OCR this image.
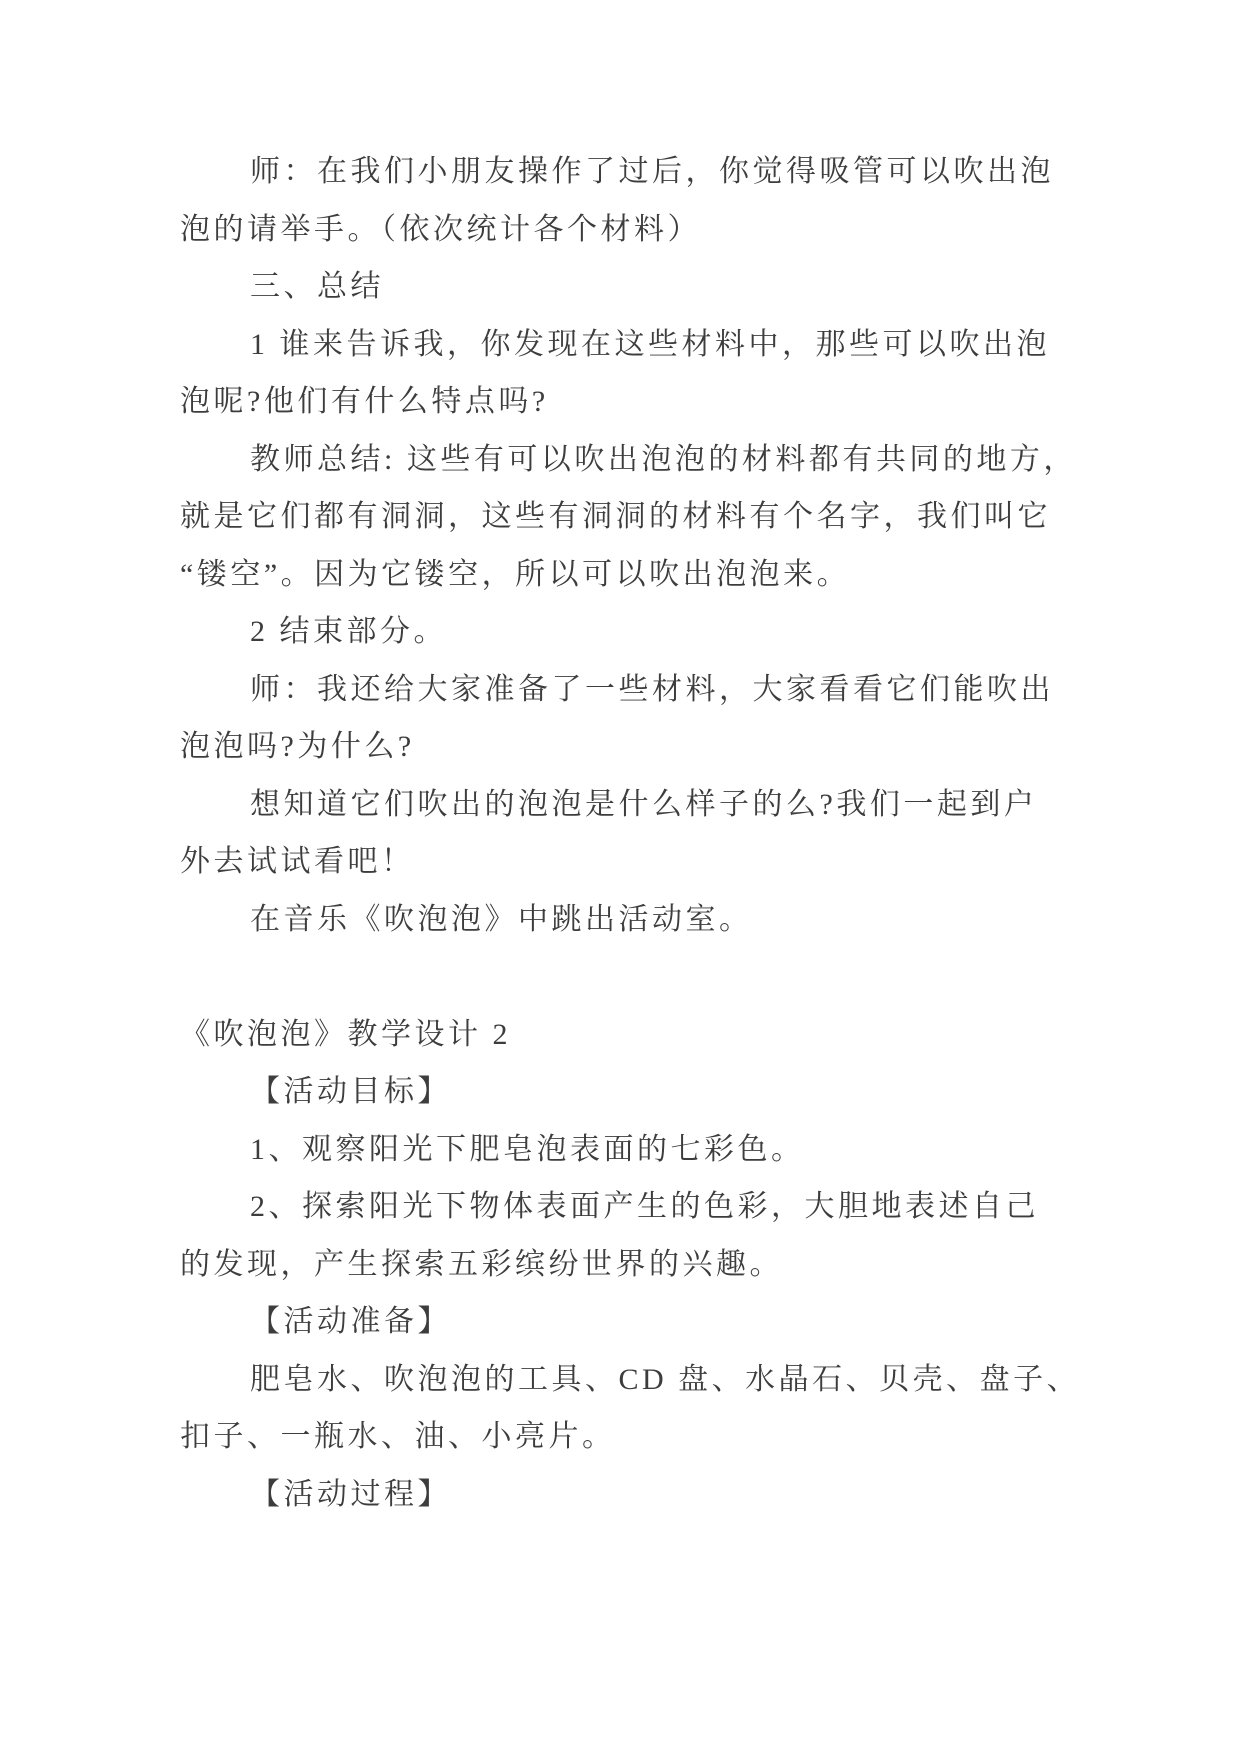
师：在我们小朋友操作了过后，你觉得吸管可以吹出泡
泡的请举手。（依次统计各个材料）
三、总结
1 谁来告诉我，你发现在这些材料中，那些可以吹出泡
泡呢?他们有什么特点吗?
教师总结: 这些有可以吹出泡泡的材料都有共同的地方，
就是它们都有洞洞，这些有洞洞的材料有个名字，我们叫它
“镂空”。因为它镂空，所以可以吹出泡泡来。
2 结束部分。
师：我还给大家准备了一些材料，大家看看它们能吹出
泡泡吗?为什么?
想知道它们吹出的泡泡是什么样子的么?我们一起到户
外去试试看吧！
在音乐《吹泡泡》中跳出活动室。
《吹泡泡》教学设计 2
【活动目标】
1、观察阳光下肥皂泡表面的七彩色。
2、探索阳光下物体表面产生的色彩，大胆地表述自己
的发现，产生探索五彩缤纷世界的兴趣。
【活动准备】
肥皂水、吹泡泡的工具、CD 盘、水晶石、贝壳、盘子、
扣子、一瓶水、油、小亮片。
【活动过程】
